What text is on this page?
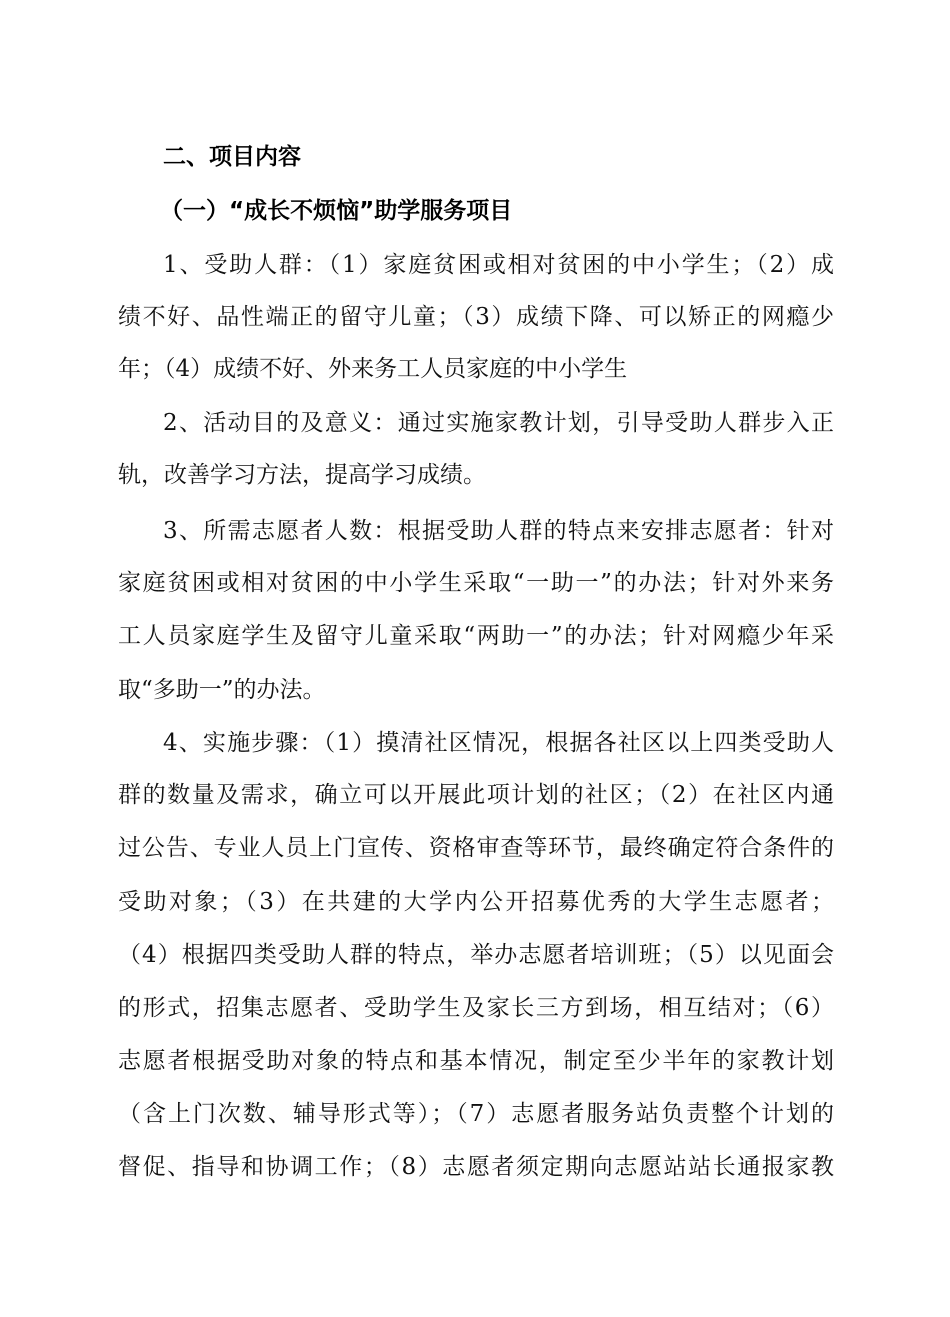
二、项目内容
（一）“成长不烦恼”助学服务项目
1、受助人群：（1）家庭贫困或相对贫困的中小学生；（2）成
绩不好、品性端正的留守儿童；（3）成绩下降、可以矫正的网瘾少
年；（4）成绩不好、外来务工人员家庭的中小学生
2、活动目的及意义：通过实施家教计划，引导受助人群步入正
轨，改善学习方法，提高学习成绩。
3、所需志愿者人数：根据受助人群的特点来安排志愿者：针对
家庭贫困或相对贫困的中小学生采取“一助一”的办法；针对外来务
工人员家庭学生及留守儿童采取“两助一”的办法；针对网瘾少年采
取“多助一”的办法。
4、实施步骤：（1）摸清社区情况，根据各社区以上四类受助人
群的数量及需求，确立可以开展此项计划的社区；（2）在社区内通
过公告、专业人员上门宣传、资格审查等环节，最终确定符合条件的
受助对象；（3）在共建的大学内公开招募优秀的大学生志愿者；
（4）根据四类受助人群的特点，举办志愿者培训班；（5）以见面会
的形式，招集志愿者、受助学生及家长三方到场，相互结对；（6）
志愿者根据受助对象的特点和基本情况，制定至少半年的家教计划
（含上门次数、辅导形式等）；（7）志愿者服务站负责整个计划的
督促、指导和协调工作；（8）志愿者须定期向志愿站站长通报家教
